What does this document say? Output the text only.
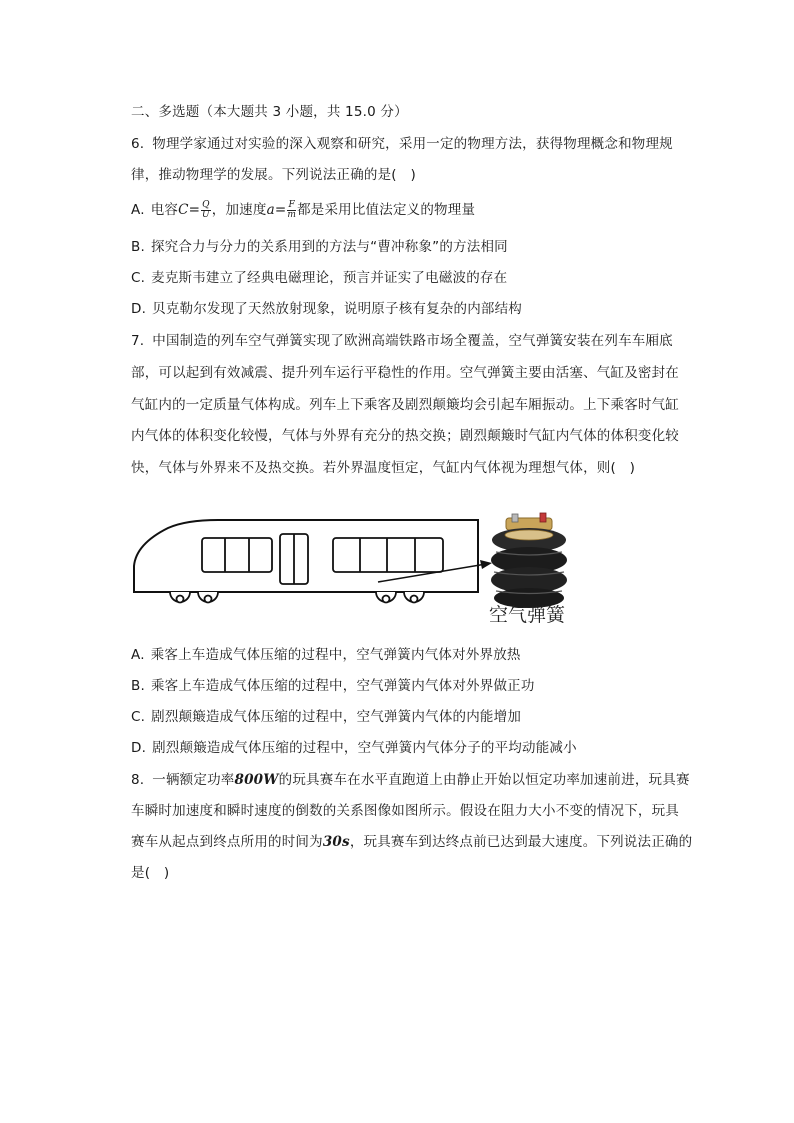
二、多选题（本大题共 3 小题，共 15.0 分）
6. 物理学家通过对实验的深入观察和研究，采用一定的物理方法，获得物理概念和物理规
律，推动物理学的发展。下列说法正确的是(　)
A. 电容$C= \frac{Q}{U}$ ，加速度$a= \frac{F}{m}$ 都是采用比值法定义的物理量
B. 探究合力与分力的关系用到的方法与“曹冲称象”的方法相同
C. 麦克斯韦建立了经典电磁理论，预言并证实了电磁波的存在
D. 贝克勒尔发现了天然放射现象，说明原子核有复杂的内部结构
7. 中国制造的列车空气弹簧实现了欧洲高端铁路市场全覆盖，空气弹簧安装在列车车厢底
部，可以起到有效减震、提升列车运行平稳性的作用。空气弹簧主要由活塞、气缸及密封在
气缸内的一定质量气体构成。列车上下乘客及剧烈颠簸均会引起车厢振动。上下乘客时气缸
内气体的体积变化较慢，气体与外界有充分的热交换；剧烈颠簸时气缸内气体的体积变化较
快，气体与外界来不及热交换。若外界温度恒定，气缸内气体视为理想气体，则(　)
空气弹簧
A. 乘客上车造成气体压缩的过程中，空气弹簧内气体对外界放热
B. 乘客上车造成气体压缩的过程中，空气弹簧内气体对外界做正功
C. 剧烈颠簸造成气体压缩的过程中，空气弹簧内气体的内能增加
D. 剧烈颠簸造成气体压缩的过程中，空气弹簧内气体分子的平均动能减小
8. 一辆额定功率800W的玩具赛车在水平直跑道上由静止开始以恒定功率加速前进，玩具赛
车瞬时加速度和瞬时速度的倒数的关系图像如图所示。假设在阻力大小不变的情况下，玩具
赛车从起点到终点所用的时间为30s，玩具赛车到达终点前已达到最大速度。下列说法正确的
是(　)
